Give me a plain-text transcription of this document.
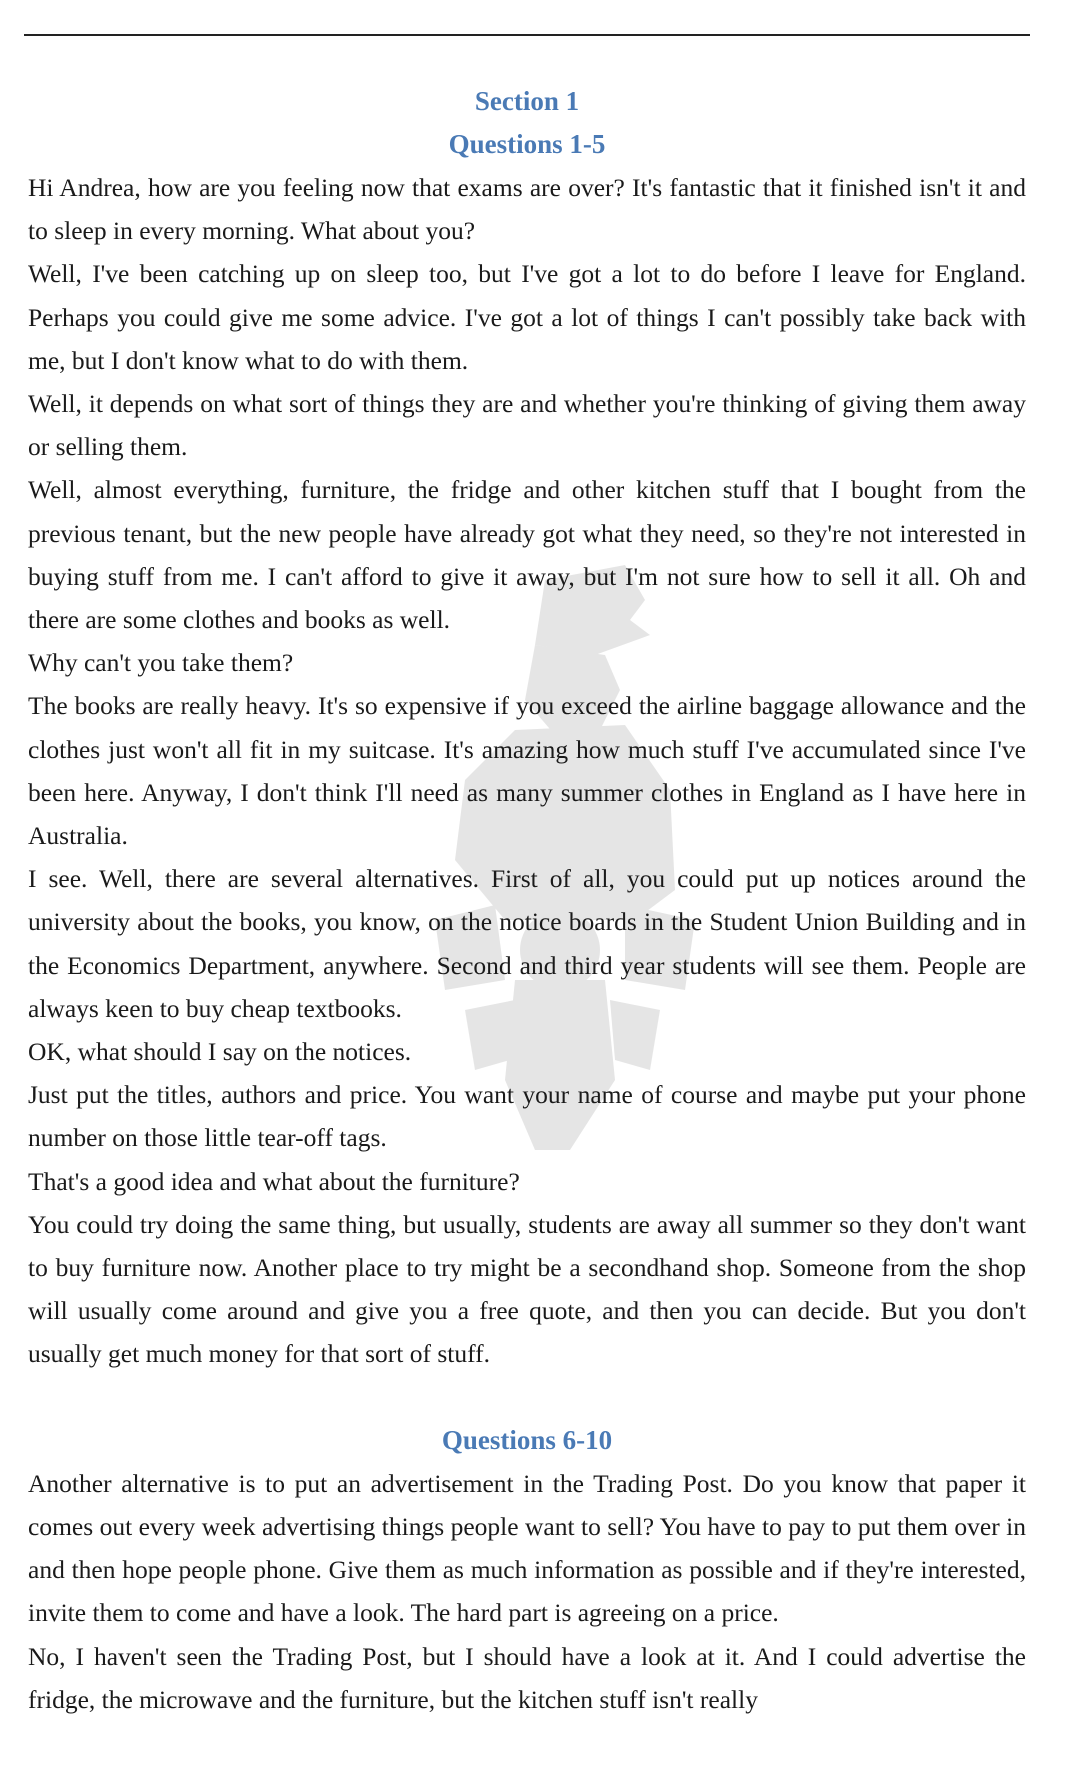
Section 1
Questions 1-5

Hi Andrea, how are you feeling now that exams are over? It's fantastic that it finished isn't it and to sleep in every morning. What about you?

Well, I've been catching up on sleep too, but I've got a lot to do before I leave for England. Perhaps you could give me some advice. I've got a lot of things I can't possibly take back with me, but I don't know what to do with them.

Well, it depends on what sort of things they are and whether you're thinking of giving them away or selling them.

Well, almost everything, furniture, the fridge and other kitchen stuff that I bought from the previous tenant, but the new people have already got what they need, so they're not interested in buying stuff from me. I can't afford to give it away, but I'm not sure how to sell it all. Oh and there are some clothes and books as well.

Why can't you take them?

The books are really heavy. It's so expensive if you exceed the airline baggage allowance and the clothes just won't all fit in my suitcase. It's amazing how much stuff I've accumulated since I've been here. Anyway, I don't think I'll need as many summer clothes in England as I have here in Australia.

I see. Well, there are several alternatives. First of all, you could put up notices around the university about the books, you know, on the notice boards in the Student Union Building and in the Economics Department, anywhere. Second and third year students will see them. People are always keen to buy cheap textbooks.

OK, what should I say on the notices.

Just put the titles, authors and price. You want your name of course and maybe put your phone number on those little tear-off tags.

That's a good idea and what about the furniture?

You could try doing the same thing, but usually, students are away all summer so they don't want to buy furniture now. Another place to try might be a secondhand shop. Someone from the shop will usually come around and give you a free quote, and then you can decide. But you don't usually get much money for that sort of stuff.

Questions 6-10

Another alternative is to put an advertisement in the Trading Post. Do you know that paper it comes out every week advertising things people want to sell? You have to pay to put them over in and then hope people phone. Give them as much information as possible and if they're interested, invite them to come and have a look. The hard part is agreeing on a price.

No, I haven't seen the Trading Post, but I should have a look at it. And I could advertise the fridge, the microwave and the furniture, but the kitchen stuff isn't really
